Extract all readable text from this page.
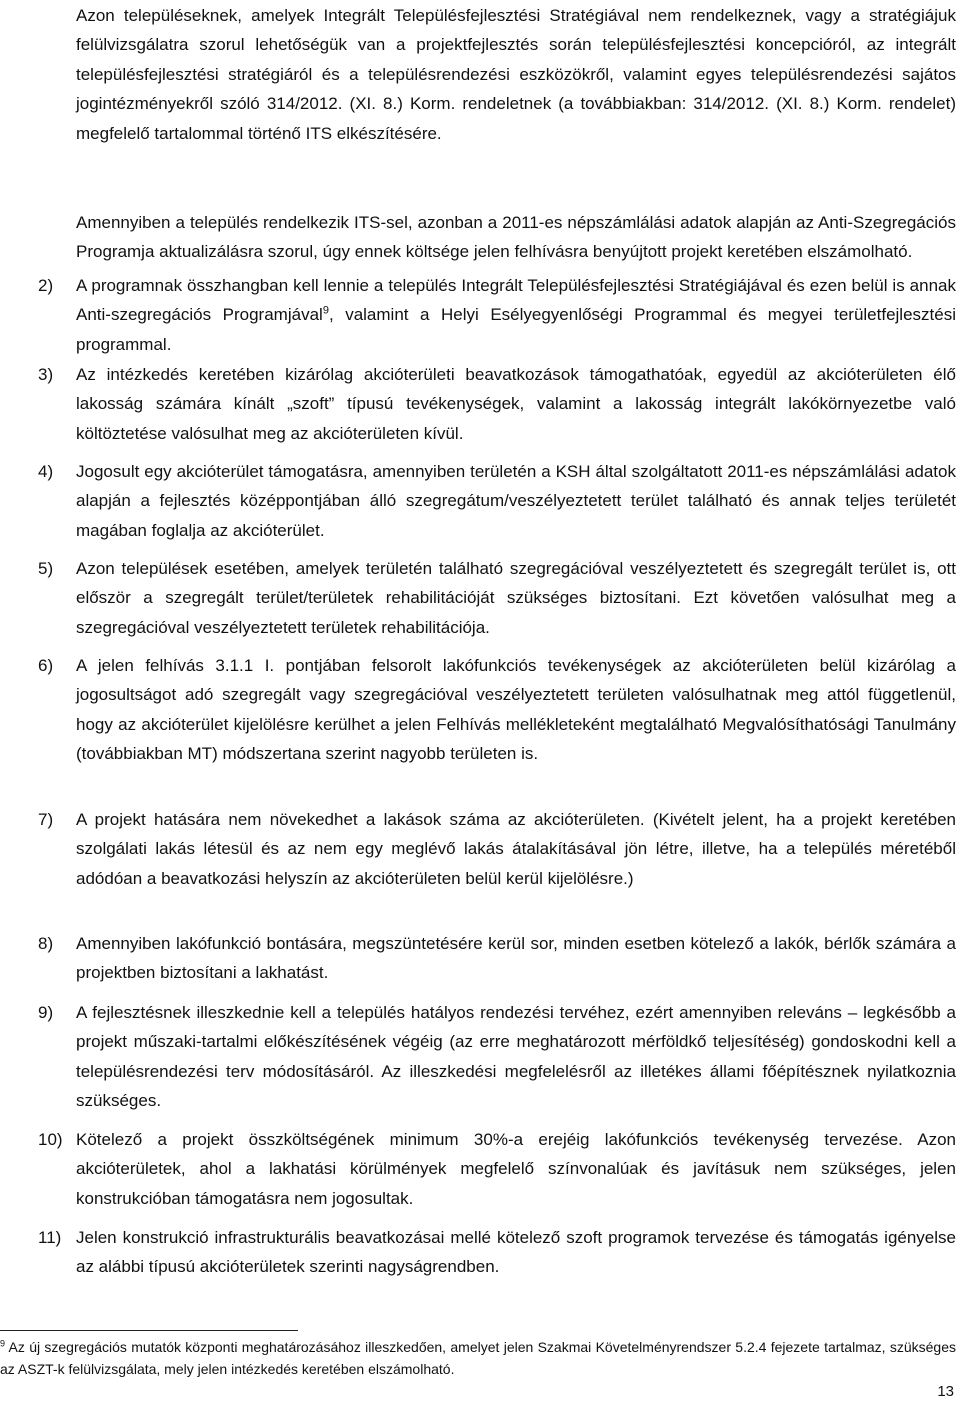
Azon településeknek, amelyek Integrált Településfejlesztési Stratégiával nem rendelkeznek, vagy a stratégiájuk felülvizsgálatra szorul lehetőségük van a projektfejlesztés során településfejlesztési koncepcióról, az integrált településfejlesztési stratégiáról és a településrendezési eszközökről, valamint egyes településrendezési sajátos jogintézményekről szóló 314/2012. (XI. 8.) Korm. rendeletnek (a továbbiakban: 314/2012. (XI. 8.) Korm. rendelet) megfelelő tartalommal történő ITS elkészítésére.

Amennyiben a település rendelkezik ITS-sel, azonban a 2011-es népszámlálási adatok alapján az Anti-Szegregációs Programja aktualizálásra szorul, úgy ennek költsége jelen felhívásra benyújtott projekt keretében elszámolható.

2)	A programnak összhangban kell lennie a település Integrált Településfejlesztési Stratégiájával és ezen belül is annak Anti-szegregációs Programjával$^9$, valamint a Helyi Esélyegyenlőségi Programmal és megyei területfejlesztési programmal.
3)	Az intézkedés keretében kizárólag akcióterületi beavatkozások támogathatóak, egyedül az akcióterületen élő lakosság számára kínált „szoft” típusú tevékenységek, valamint a lakosság integrált lakókörnyezetbe való költöztetése valósulhat meg az akcióterületen kívül.
4)	Jogosult egy akcióterület támogatásra, amennyiben területén a KSH által szolgáltatott 2011-es népszámlálási adatok alapján a fejlesztés középpontjában álló szegregátum/veszélyeztetett terület található és annak teljes területét magában foglalja az akcióterület.
5)	Azon települések esetében, amelyek területén található szegregációval veszélyeztetett és szegregált terület is, ott először a szegregált terület/területek rehabilitációját szükséges biztosítani. Ezt követően valósulhat meg a szegregációval veszélyeztetett területek rehabilitációja.
6)	A jelen felhívás 3.1.1 I. pontjában felsorolt lakófunkciós tevékenységek az akcióterületen belül kizárólag a jogosultságot adó szegregált vagy szegregációval veszélyeztetett területen valósulhatnak meg attól függetlenül, hogy az akcióterület kijelölésre kerülhet a jelen Felhívás mellékleteként megtalálható Megvalósíthatósági Tanulmány (továbbiakban MT) módszertana szerint nagyobb területen is.
7)	A projekt hatására nem növekedhet a lakások száma az akcióterületen. (Kivételt jelent, ha a projekt keretében szolgálati lakás létesül és az nem egy meglévő lakás átalakításával jön létre, illetve, ha a település méretéből adódóan a beavatkozási helyszín az akcióterületen belül kerül kijelölésre.)
8)	Amennyiben lakófunkció bontására, megszüntetésére kerül sor, minden esetben kötelező a lakók, bérlők számára a projektben biztosítani a lakhatást.
9)	A fejlesztésnek illeszkednie kell a település hatályos rendezési tervéhez, ezért amennyiben releváns – legkésőbb a projekt műszaki-tartalmi előkészítésének végéig (az erre meghatározott mérföldkő teljesítéség) gondoskodni kell a településrendezési terv módosításáról. Az illeszkedési megfelelésről az illetékes állami főépítésznek nyilatkoznia szükséges.
10) Kötelező a projekt összköltségének minimum 30%-a erejéig lakófunkciós tevékenység tervezése. Azon akcióterületek, ahol a lakhatási körülmények megfelelő színvonalúak és javításuk nem szükséges, jelen konstrukcióban támogatásra nem jogosultak.
11) Jelen konstrukció infrastrukturális beavatkozásai mellé kötelező szoft programok tervezése és támogatás igényelse az alábbi típusú akcióterületek szerinti nagyságrendben.

$^9$ Az új szegregációs mutatók központi meghatározásához illeszkedően, amelyet jelen Szakmai Követelményrendszer 5.2.4 fejezete tartalmaz, szükséges az ASZT-k felülvizsgálata, mely jelen intézkedés keretében elszámolható.

13
